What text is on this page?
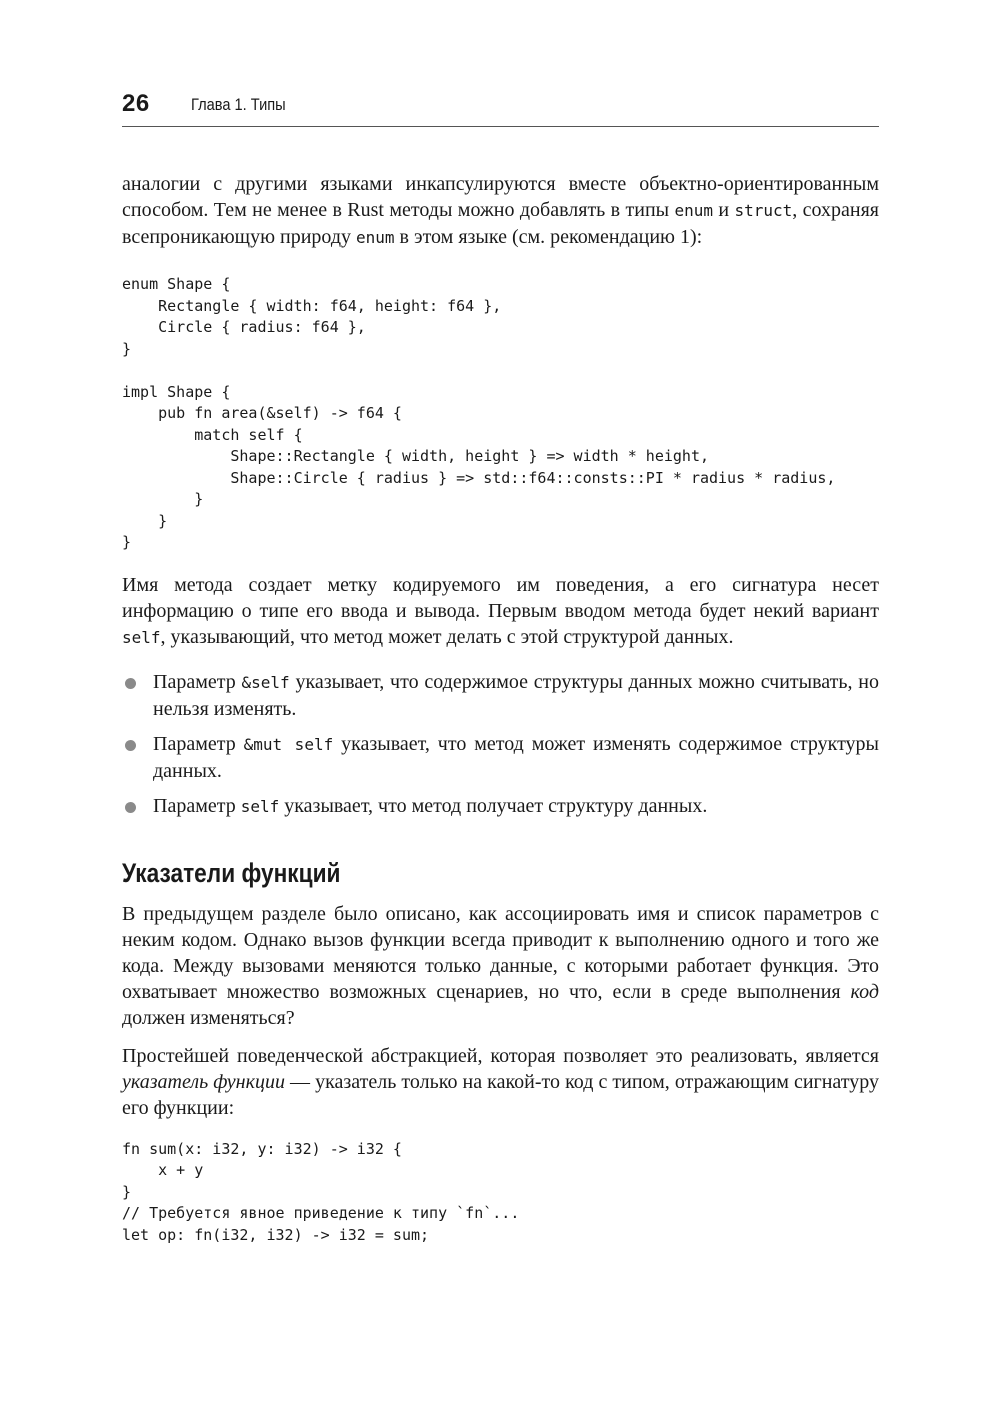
26 Глава 1. Типы

аналогии с другими языками инкапсулируются вместе объектно-ориентированным способом. Тем не менее в Rust методы можно добавлять в типы enum и struct, сохраняя всепроникающую природу enum в этом языке (см. рекомендацию 1):

enum Shape {
Rectangle { width: f64, height: f64 },
Circle { radius: f64 },
}

impl Shape {
pub fn area(&self) -> f64 {
match self {
Shape::Rectangle { width, height } => width * height,
Shape::Circle { radius } => std::f64::consts::PI * radius * radius,
}
}
}

Имя метода создает метку кодируемого им поведения, а его сигнатура несет информацию о типе его ввода и вывода. Первым вводом метода будет некий вариант self, указывающий, что метод может делать с этой структурой данных.

Параметр &self указывает, что содержимое структуры данных можно считывать, но нельзя изменять.
Параметр &mut self указывает, что метод может изменять содержимое структуры данных.
Параметр self указывает, что метод получает структуру данных.
Указатели функций

В предыдущем разделе было описано, как ассоциировать имя и список параметров с неким кодом. Однако вызов функции всегда приводит к выполнению одного и того же кода. Между вызовами меняются только данные, с которыми работает функция. Это охватывает множество возможных сценариев, но что, если в среде выполнения код должен изменяться?

Простейшей поведенческой абстракцией, которая позволяет это реализовать, является указатель функции — указатель только на какой-то код с типом, отражающим сигнатуру его функции:

fn sum(x: i32, y: i32) -> i32 {
x + y
}
// Требуется явное приведение к типу `fn`...
let op: fn(i32, i32) -> i32 = sum;
